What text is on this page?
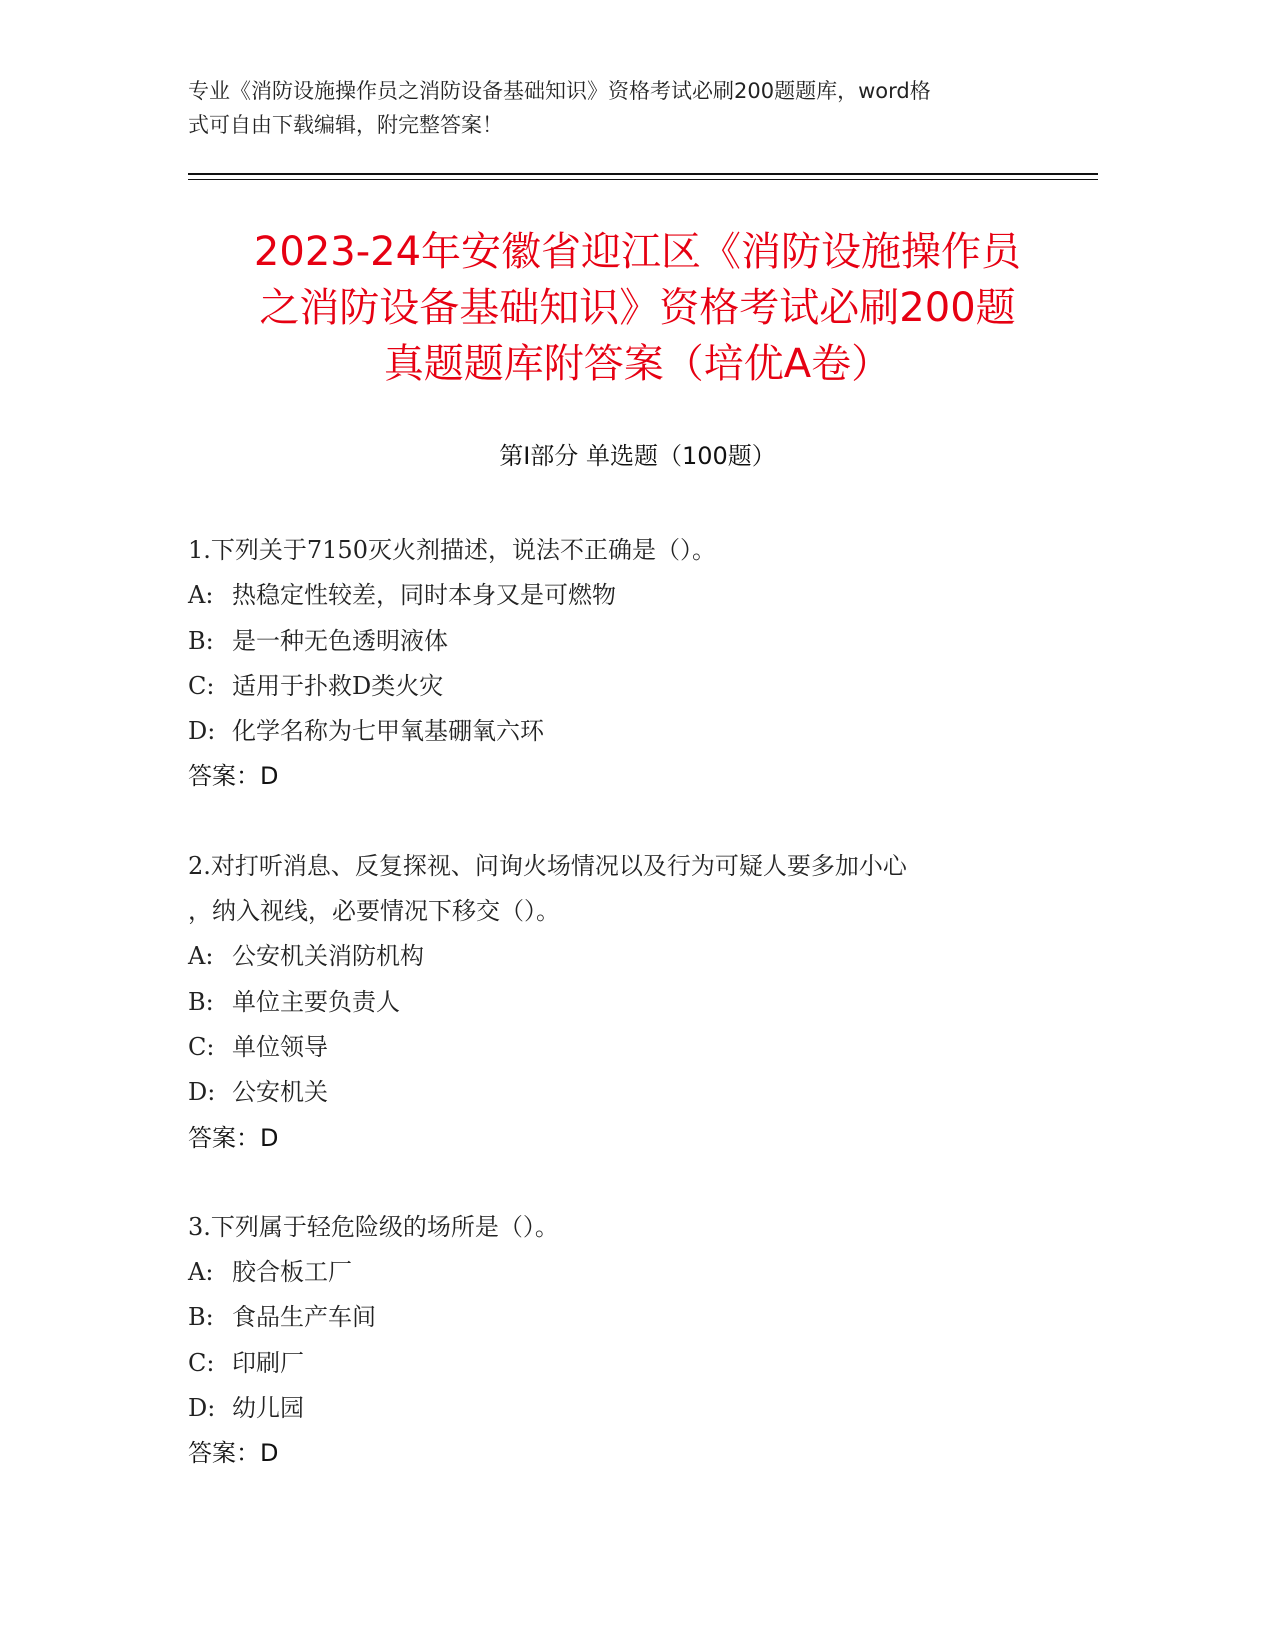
专业《消防设施操作员之消防设备基础知识》资格考试必刷200题题库，word格
式可自由下载编辑，附完整答案！
2023-24年安徽省迎江区《消防设施操作员
之消防设备基础知识》资格考试必刷200题
真题题库附答案（培优A卷）
第Ⅰ部分 单选题（100题）
1.下列关于7150灭火剂描述，说法不正确是（）。
A: 热稳定性较差，同时本身又是可燃物
B: 是一种无色透明液体
C: 适用于扑救D类火灾
D: 化学名称为七甲氧基硼氧六环
答案：D
2.对打听消息、反复探视、问询火场情况以及行为可疑人要多加小心
，纳入视线，必要情况下移交（）。
A: 公安机关消防机构
B: 单位主要负责人
C: 单位领导
D: 公安机关
答案：D
3.下列属于轻危险级的场所是（）。
A: 胶合板工厂
B: 食品生产车间
C: 印刷厂
D: 幼儿园
答案：D
